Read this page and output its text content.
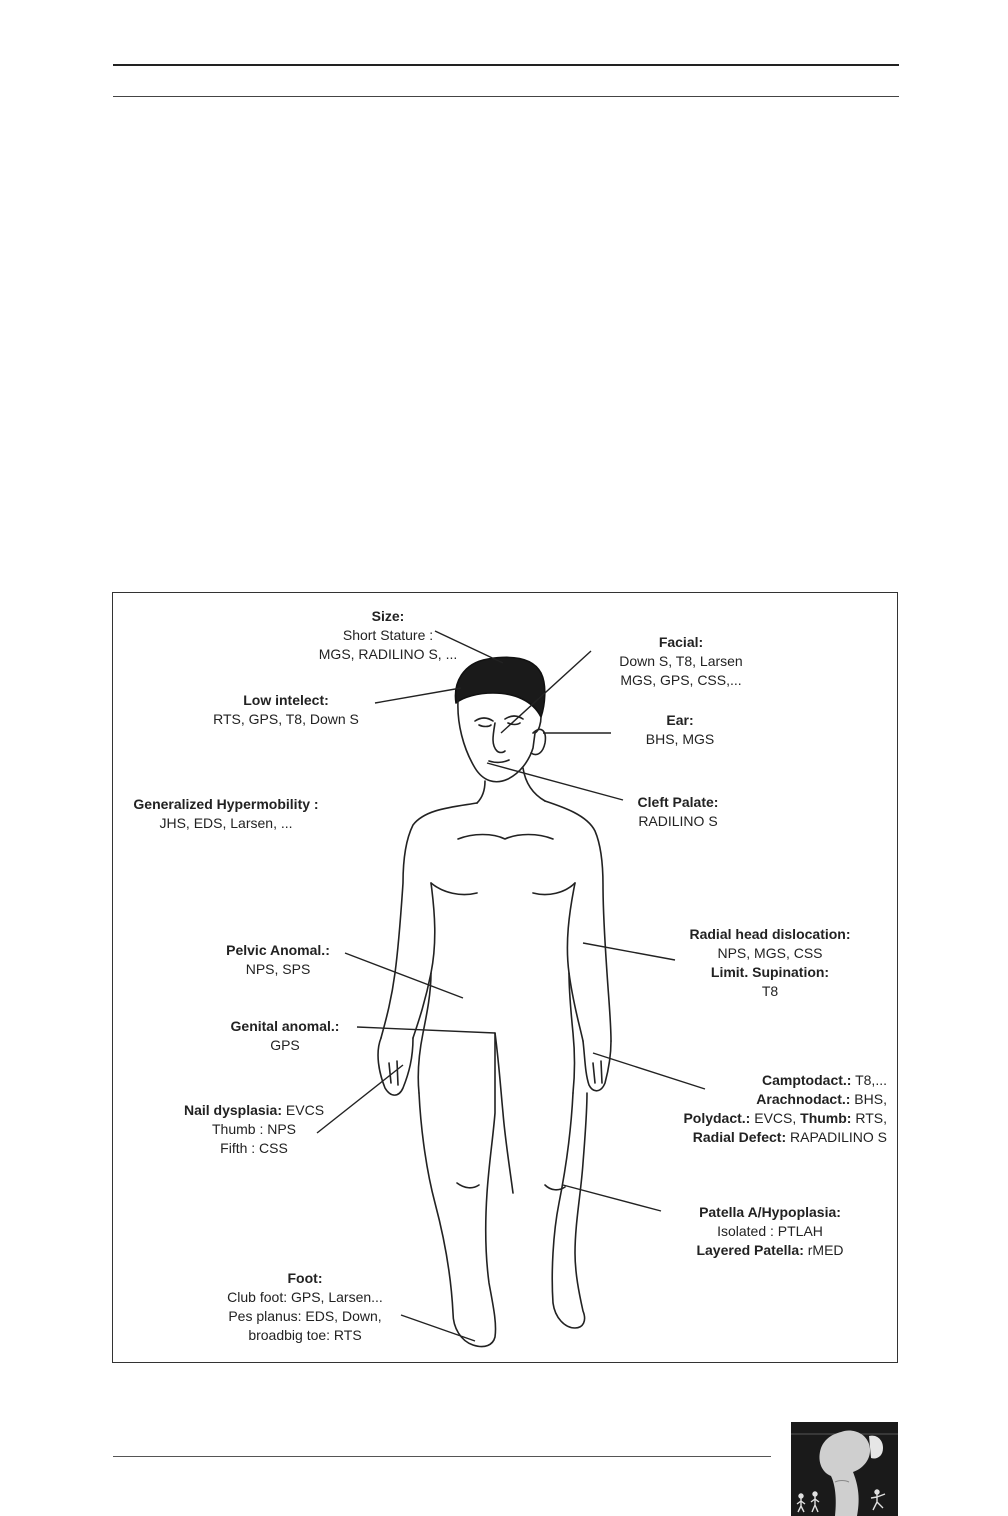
Size:
Short Stature :
MGS, RADILINO S, ...
Facial:
Down S, T8, Larsen
MGS, GPS, CSS,...
Low intelect:
RTS, GPS, T8, Down S	Ear:
BHS, MGS
Generalized Hypermobility :
JHS, EDS, Larsen, ...
Cleft Palate:
RADILINO S
Radial head dislocation:
NPS, MGS, CSS
Limit. Supination:
T8
Pelvic Anomal.:
NPS, SPS
Genital anomal.:
GPS
Camptodact.: T8,...
Arachnodact.: BHS,
Polydact.: EVCS, Thumb: RTS,
Radial Defect: RAPADILINO S
Nail dysplasia: EVCS
Thumb : NPS
Fifth : CSS
Patella A/Hypoplasia:
Isolated : PTLAH
Layered Patella: rMED
Foot:
Club foot: GPS, Larsen...
Pes planus: EDS, Down,
broadbig toe: RTS
